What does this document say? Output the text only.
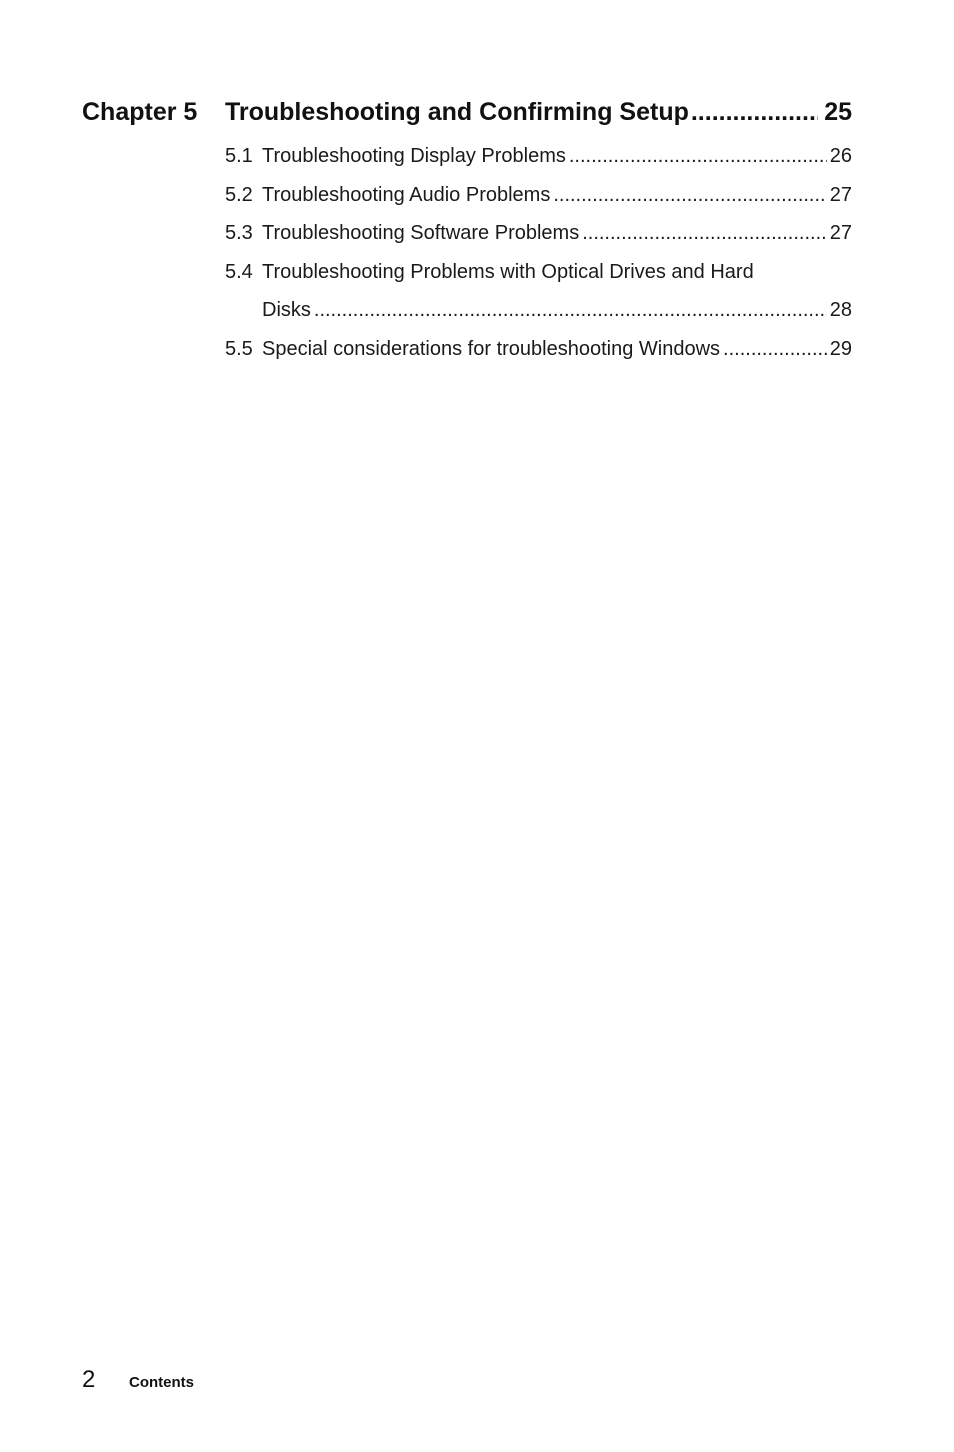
Chapter 5	Troubleshooting and Confirming Setup .....	25
5.1 Troubleshooting Display Problems .....	26
5.2 Troubleshooting Audio Problems .....	27
5.3 Troubleshooting Software Problems .....	27
5.4 Troubleshooting Problems with Optical Drives and Hard
Disks .....	28
5.5 Special considerations for troubleshooting Windows .....	29
2	Contents
